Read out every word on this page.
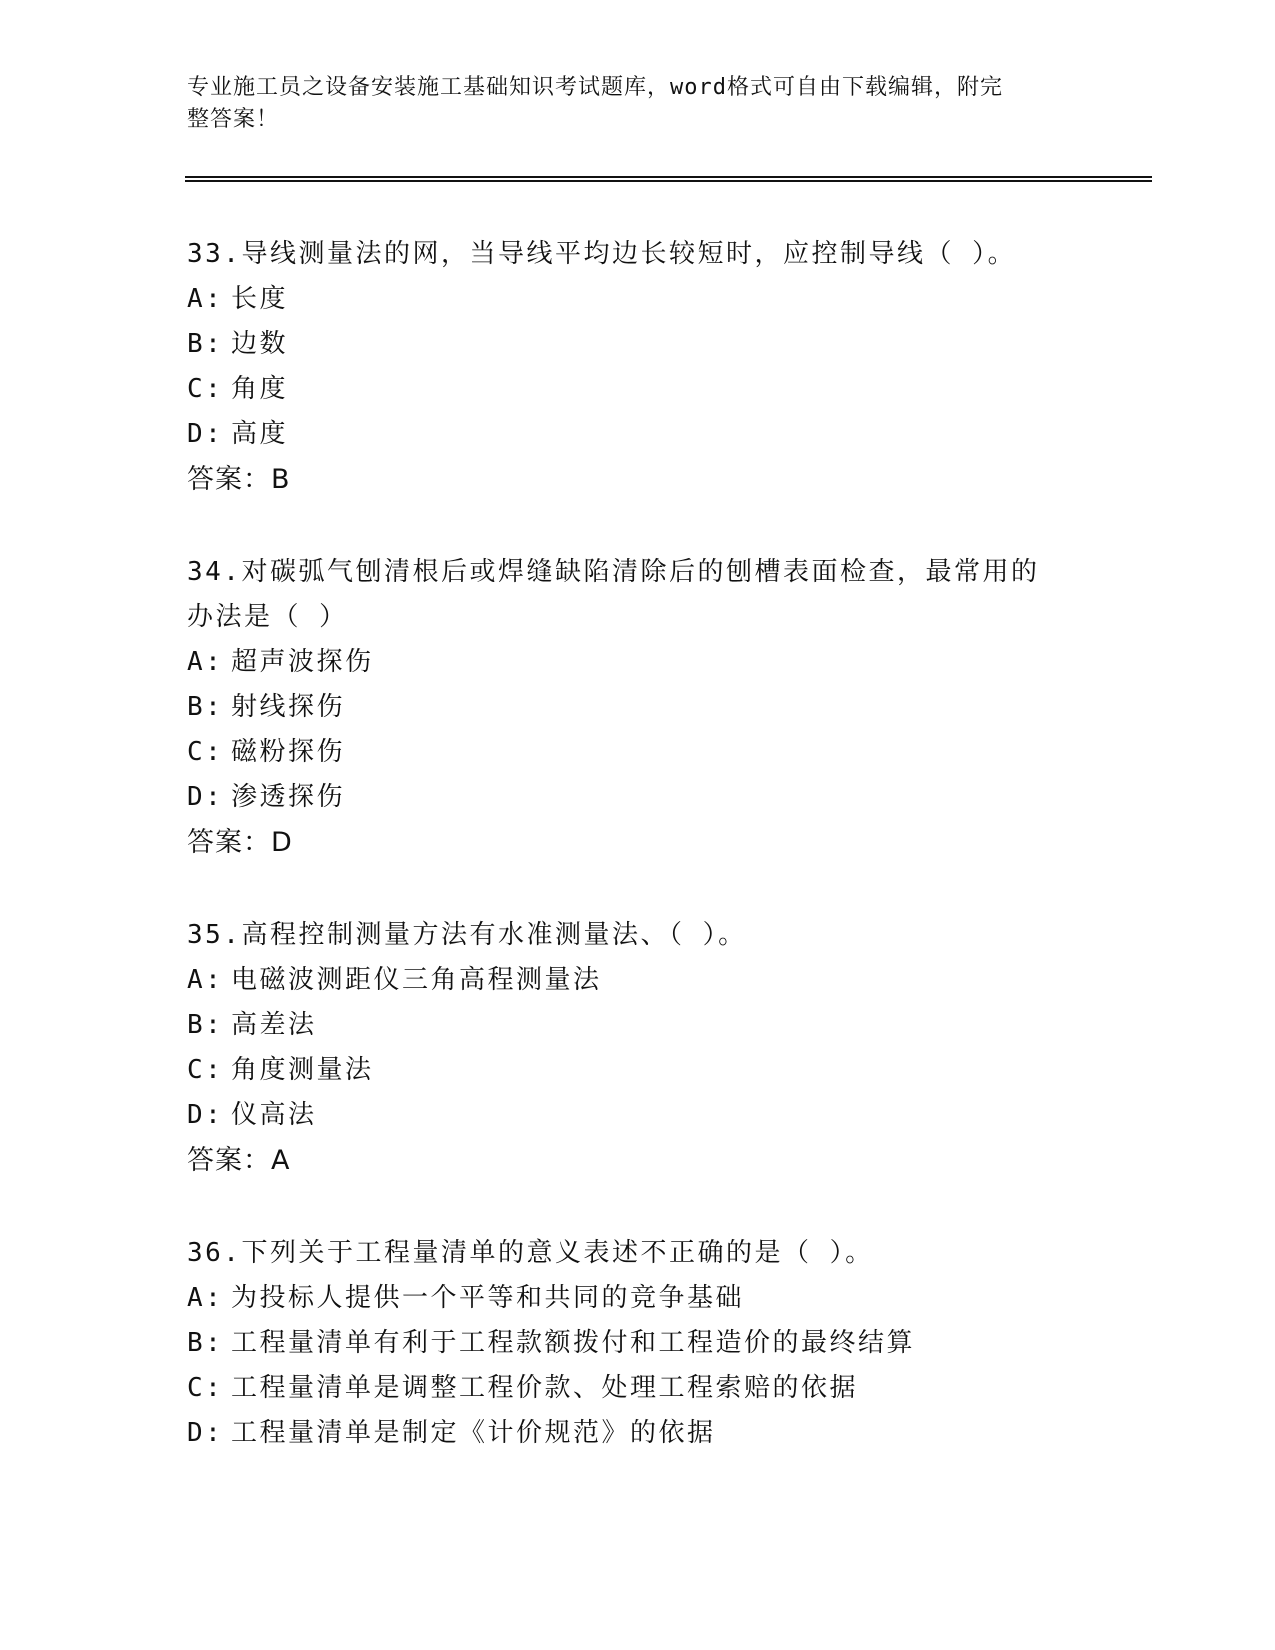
专业施工员之设备安装施工基础知识考试题库，word格式可自由下载编辑，附完
整答案！

33.导线测量法的网，当导线平均边长较短时，应控制导线（ ）。

A: 长度
B: 边数
C: 角度
D: 高度
答案：B

34.对碳弧气刨清根后或焊缝缺陷清除后的刨槽表面检查，最常用的办法是（ ）

A: 超声波探伤
B: 射线探伤
C: 磁粉探伤
D: 渗透探伤
答案：D

35.高程控制测量方法有水准测量法、（ ）。

A: 电磁波测距仪三角高程测量法
B: 高差法
C: 角度测量法
D: 仪高法
答案：A

36.下列关于工程量清单的意义表述不正确的是（ ）。

A: 为投标人提供一个平等和共同的竞争基础
B: 工程量清单有利于工程款额拨付和工程造价的最终结算
C: 工程量清单是调整工程价款、处理工程索赔的依据
D: 工程量清单是制定《计价规范》的依据
